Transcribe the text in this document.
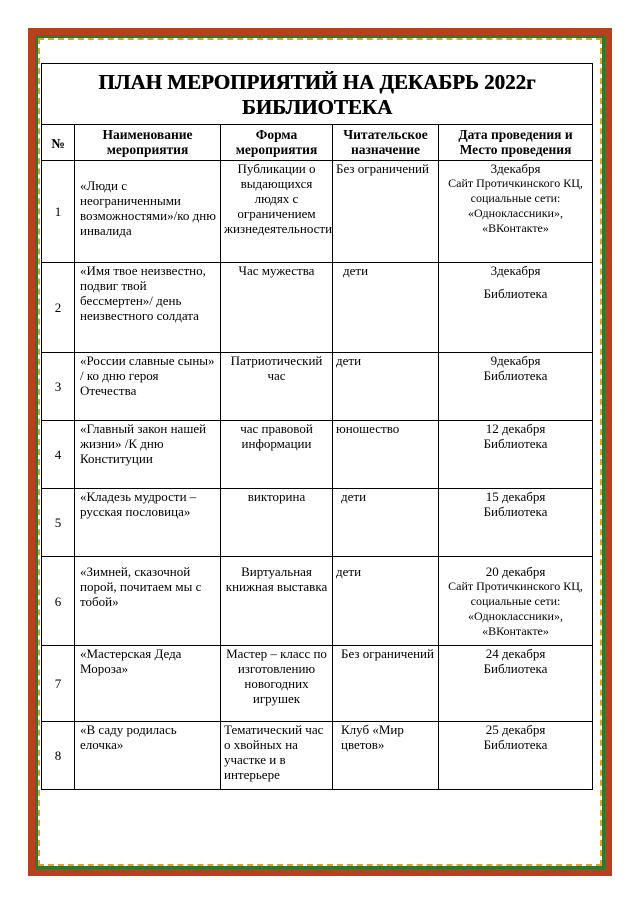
ПЛАН МЕРОПРИЯТИЙ НА ДЕКАБРЬ 2022г
БИБЛИОТЕКА				

№	Наименование мероприятия	Форма мероприятия	Читательское назначение	Дата проведения и Место проведения
1	«Люди с неограниченными возможностями»/ко дню инвалида	Публикации о выдающихся людях с ограничением жизнедеятельности	Без ограничений	3декабря
Сайт Протичкинского КЦ, социальные сети: «Одноклассники», «ВКонтакте»

2	«Имя твое неизвестно, подвиг твой бессмертен»/ день неизвестного солдата	Час мужества	дети	3декабря
Библиотека

3	«России славные сыны» / ко дню героя Отечества	Патриотический час	дети	9декабря
Библиотека

4	«Главный закон нашей жизни» /К дню Конституции	час правовой информации	юношество	12 декабря
Библиотека

5	«Кладезь мудрости – русская пословица»	викторина	дети	15 декабря
Библиотека

6	«Зимней, сказочной порой, почитаем мы с тобой»	Виртуальная книжная выставка	дети	20 декабря
Сайт Протичкинского КЦ, социальные сети: «Одноклассники», «ВКонтакте»

7	«Мастерская Деда Мороза»	Мастер – класс по изготовлению новогодних игрушек	Без ограничений	24 декабря
Библиотека

8	«В саду родилась елочка»	Тематический час о хвойных на участке и в интерьере	Клуб «Мир цветов»	25 декабря
Библиотека
